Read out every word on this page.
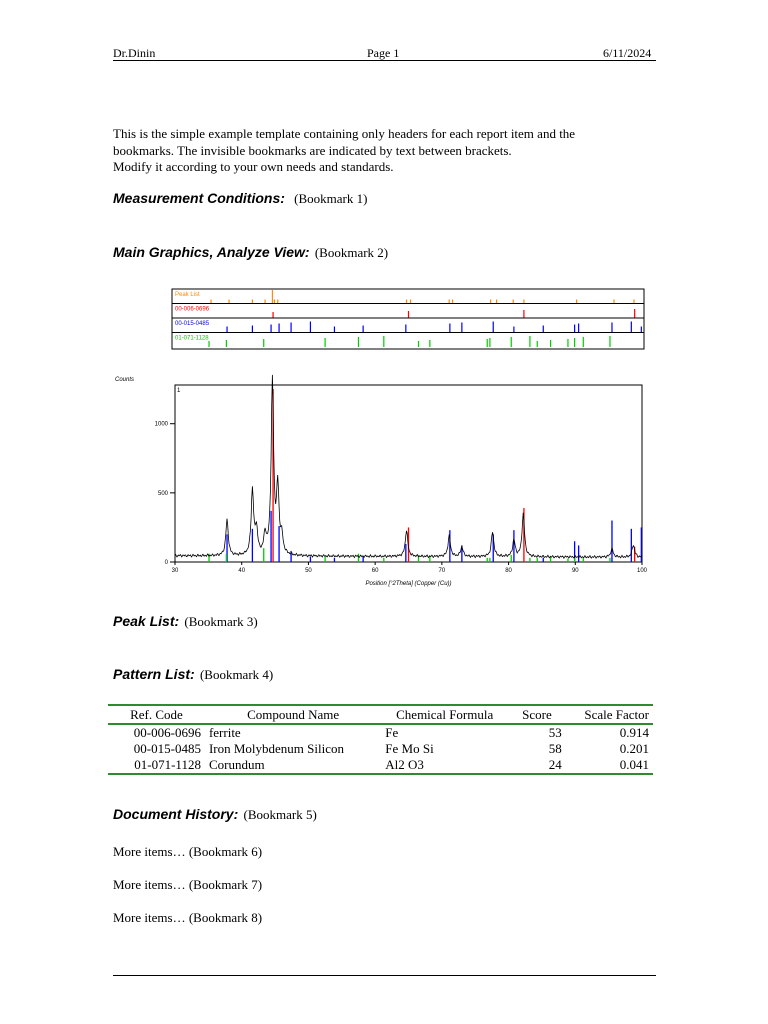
Dr.Dinin	Page 1	6/11/2024
This is the simple example template containing only headers for each report item and the
bookmarks. The invisible bookmarks are indicated by text between brackets.
Modify it according to your own needs and standards.
Measurement Conditions: (Bookmark 1)
Main Graphics, Analyze View: (Bookmark 2)
Peak List
00-006-0696
00-015-0485
01-071-1128
Counts
1
0
500
1000
30	40	50	60	70	80	90	100
Position [°2Theta] (Copper (Cu))
Peak List: (Bookmark 3)
Pattern List: (Bookmark 4)
Ref. Code	Compound Name	Chemical Formula	Score	Scale Factor
00-006-0696	ferrite	Fe	53	0.914
00-015-0485	Iron Molybdenum Silicon	Fe Mo Si	58	0.201
01-071-1128	Corundum	Al2 O3	24	0.041
Document History: (Bookmark 5)
More items… (Bookmark 6)
More items… (Bookmark 7)
More items… (Bookmark 8)
